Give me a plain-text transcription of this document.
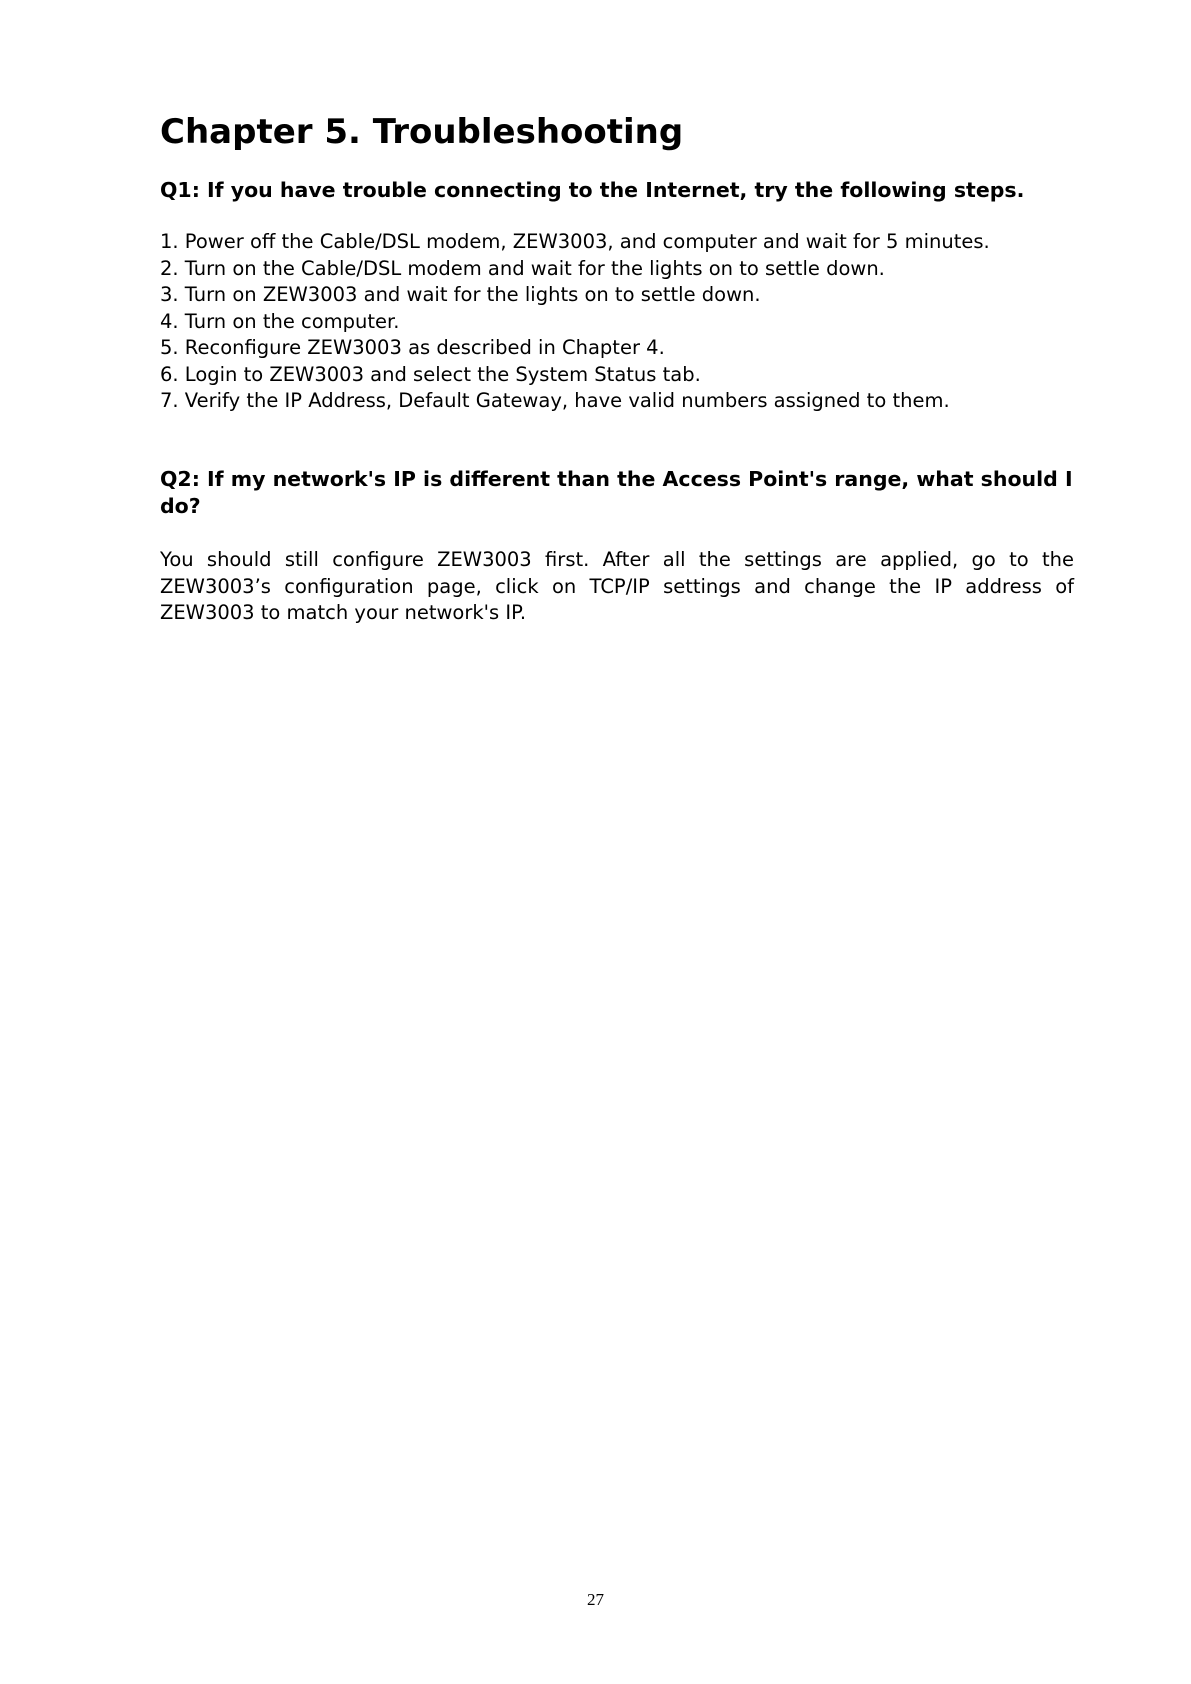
Chapter 5. Troubleshooting
Q1: If you have trouble connecting to the Internet, try the following steps.
1. Power off the Cable/DSL modem, ZEW3003, and computer and wait for 5 minutes.
2. Turn on the Cable/DSL modem and wait for the lights on to settle down.
3. Turn on ZEW3003 and wait for the lights on to settle down.
4. Turn on the computer.
5. Reconfigure ZEW3003 as described in Chapter 4.
6. Login to ZEW3003 and select the System Status tab.
7. Verify the IP Address, Default Gateway, have valid numbers assigned to them.
Q2: If my network's IP is different than the Access Point's range, what should I do?

You should still configure ZEW3003 first. After all the settings are applied, go to the ZEW3003’s configuration page, click on TCP/IP settings and change the IP address of ZEW3003 to match your network's IP.

27
